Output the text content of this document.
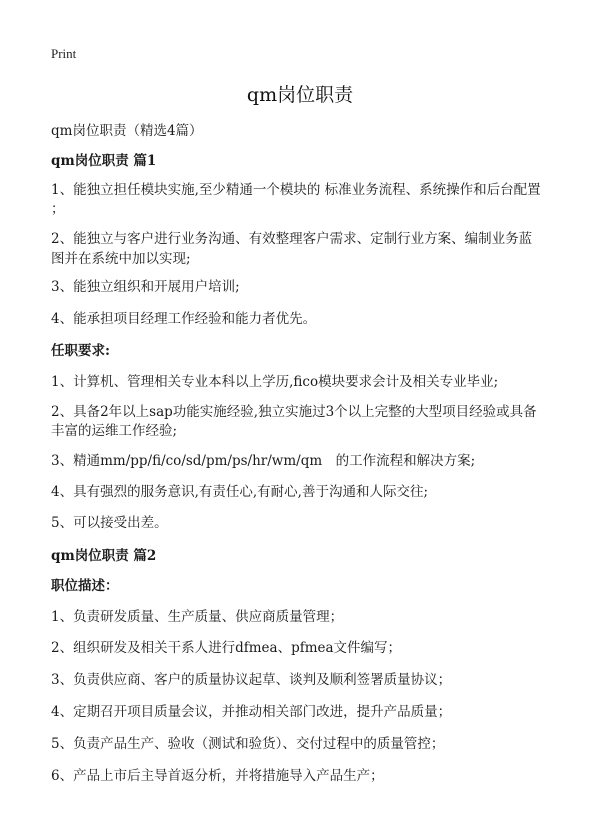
Print
qm岗位职责
qm岗位职责（精选4篇）
qm岗位职责 篇1
1、能独立担任模块实施,至少精通一个模块的 标准业务流程、系统操作和后台配置
；
2、能独立与客户进行业务沟通、有效整理客户需求、定制行业方案、编制业务蓝
图并在系统中加以实现;
3、能独立组织和开展用户培训;
4、能承担项目经理工作经验和能力者优先。
任职要求:
1、计算机、管理相关专业本科以上学历,fico模块要求会计及相关专业毕业;
2、具备2年以上sap功能实施经验,独立实施过3个以上完整的大型项目经验或具备
丰富的运维工作经验;
3、精通mm/pp/fi/co/sd/pm/ps/hr/wm/qm　的工作流程和解决方案;
4、具有强烈的服务意识,有责任心,有耐心,善于沟通和人际交往;
5、可以接受出差。
qm岗位职责 篇2
职位描述：
1、负责研发质量、生产质量、供应商质量管理；
2、组织研发及相关干系人进行dfmea、pfmea文件编写；
3、负责供应商、客户的质量协议起草、谈判及顺利签署质量协议；
4、定期召开项目质量会议，并推动相关部门改进，提升产品质量；
5、负责产品生产、验收（测试和验货）、交付过程中的质量管控；
6、产品上市后主导首返分析，并将措施导入产品生产；
